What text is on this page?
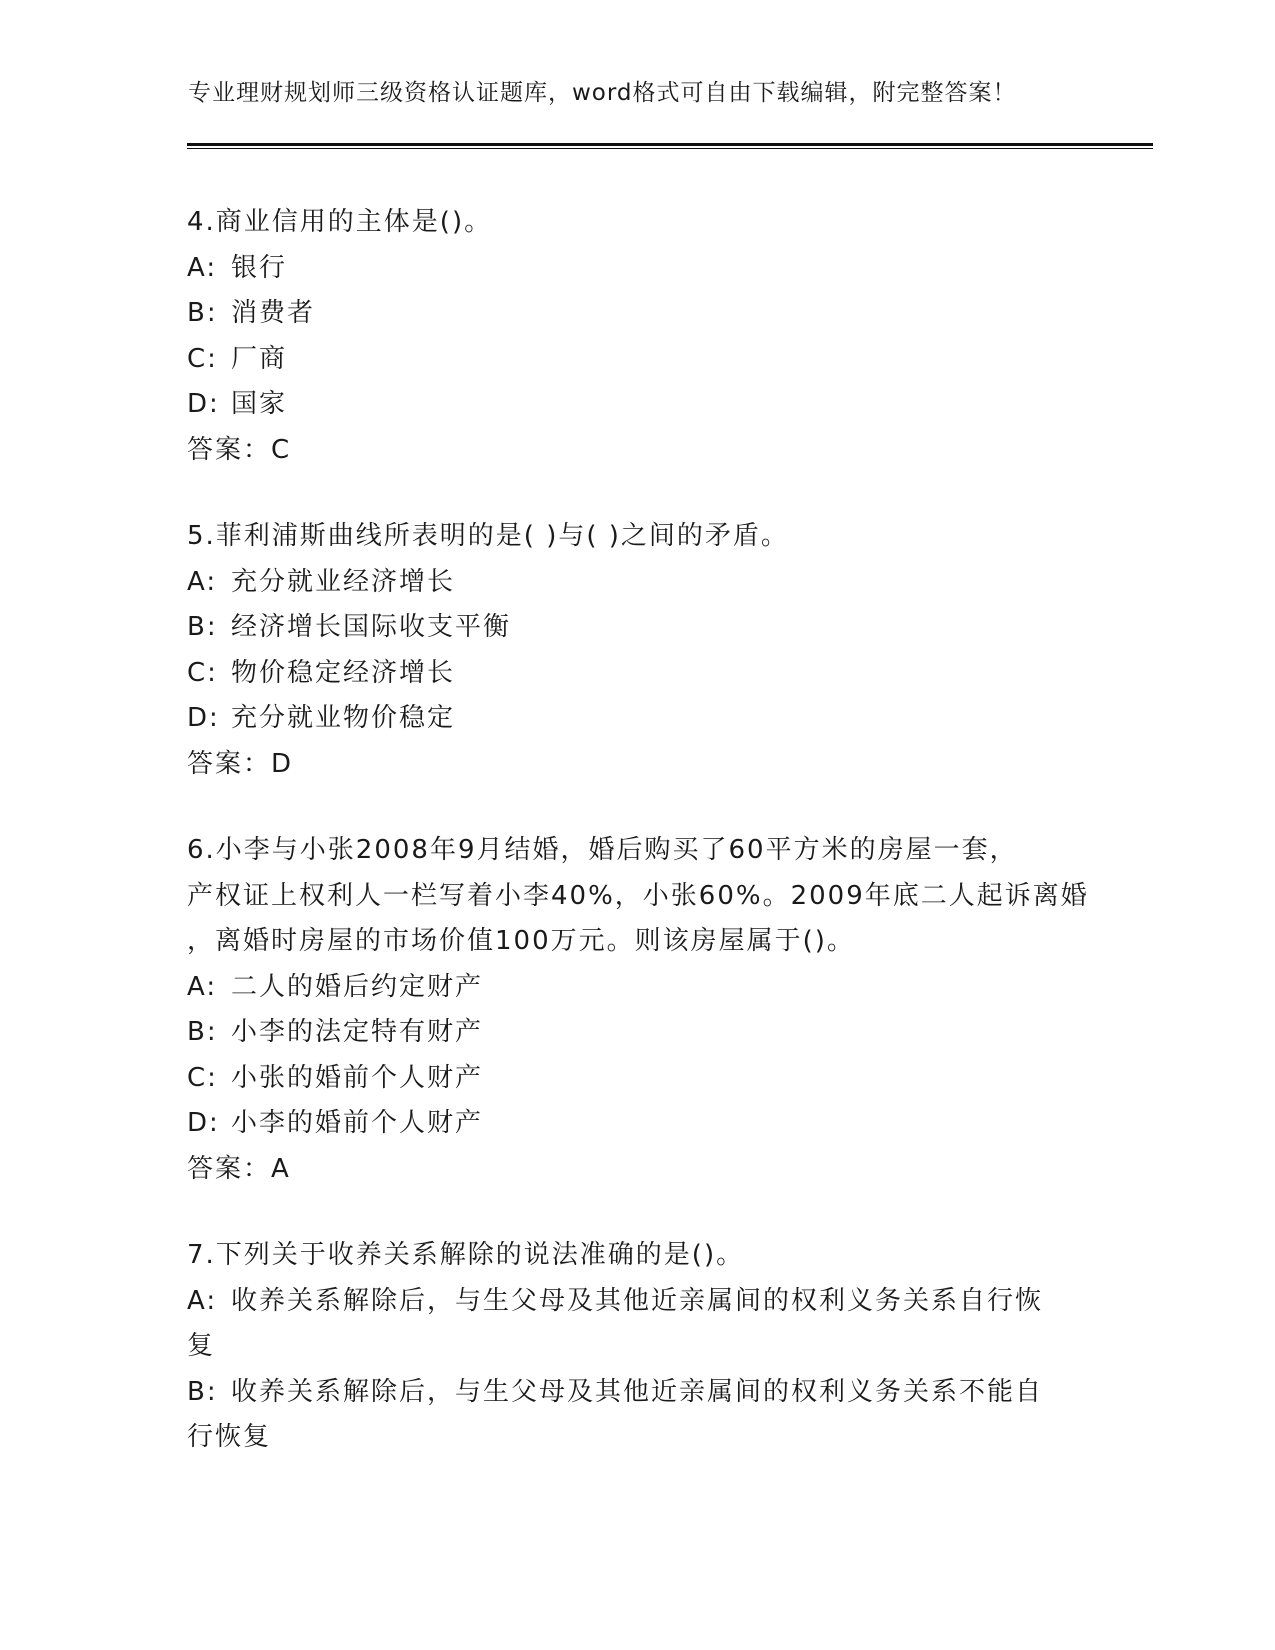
专业理财规划师三级资格认证题库，word格式可自由下载编辑，附完整答案！
4.商业信用的主体是()。
A: 银行
B: 消费者
C: 厂商
D: 国家
答案：C
5.菲利浦斯曲线所表明的是( )与( )之间的矛盾。
A: 充分就业经济增长
B: 经济增长国际收支平衡
C: 物价稳定经济增长
D: 充分就业物价稳定
答案：D
6.小李与小张2008年9月结婚，婚后购买了60平方米的房屋一套，
产权证上权利人一栏写着小李40%，小张60%。2009年底二人起诉离婚
，离婚时房屋的市场价值100万元。则该房屋属于()。
A: 二人的婚后约定财产
B: 小李的法定特有财产
C: 小张的婚前个人财产
D: 小李的婚前个人财产
答案：A
7.下列关于收养关系解除的说法准确的是()。
A: 收养关系解除后，与生父母及其他近亲属间的权利义务关系自行恢
复
B: 收养关系解除后，与生父母及其他近亲属间的权利义务关系不能自
行恢复
